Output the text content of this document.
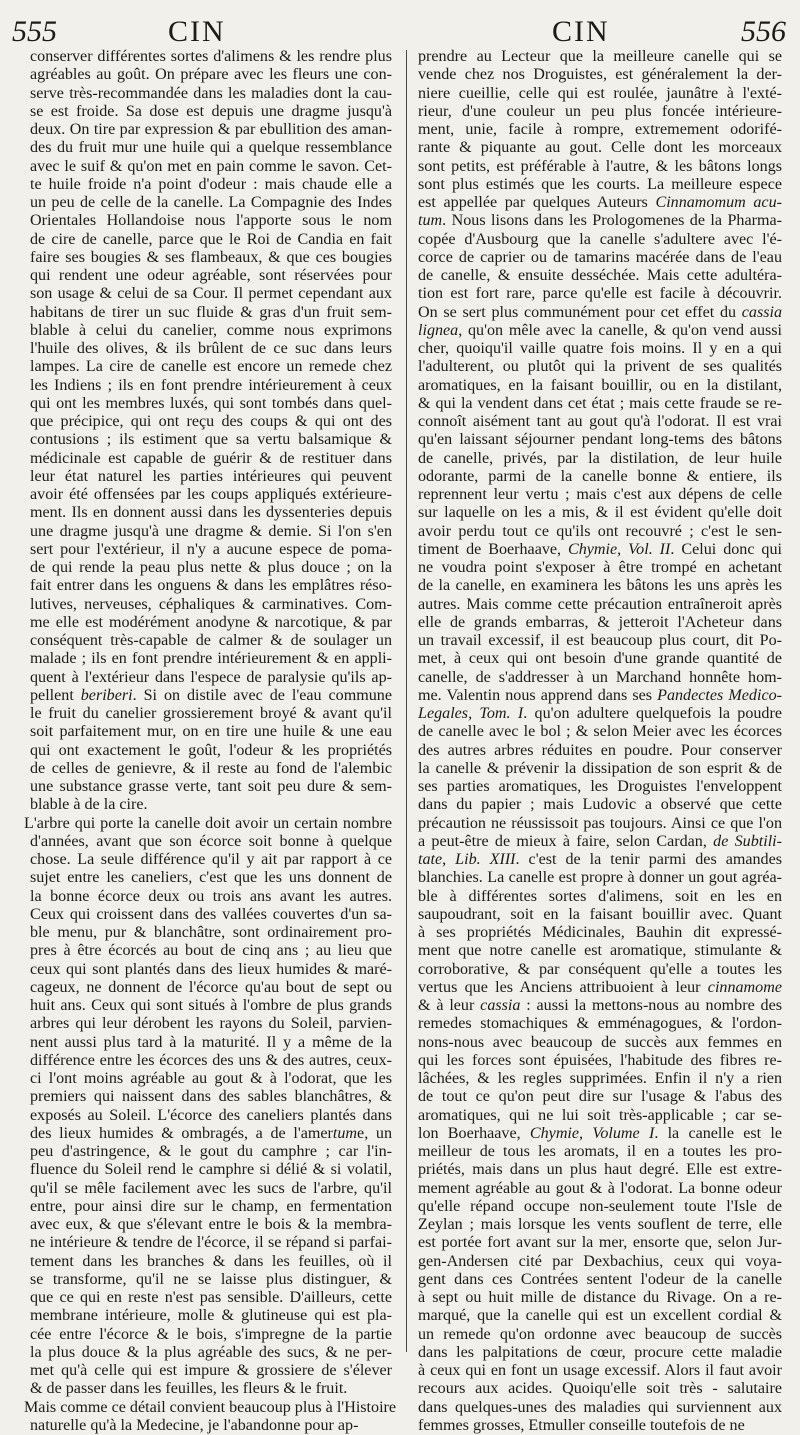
555	CIN	CIN	556
conserver différentes sortes d'alimens & les rendre plus
agréables au goût. On prépare avec les fleurs une con-
serve très-recommandée dans les maladies dont la cau-
se est froide. Sa dose est depuis une dragme jusqu'à
deux. On tire par expression & par ebullition des aman-
des du fruit mur une huile qui a quelque ressemblance
avec le suif & qu'on met en pain comme le savon. Cet-
te huile froide n'a point d'odeur : mais chaude elle a
un peu de celle de la canelle. La Compagnie des Indes
Orientales Hollandoise nous l'apporte sous le nom
de cire de canelle, parce que le Roi de Candia en fait
faire ses bougies & ses flambeaux, & que ces bougies
qui rendent une odeur agréable, sont réservées pour
son usage & celui de sa Cour. Il permet cependant aux
habitans de tirer un suc fluide & gras d'un fruit sem-
blable à celui du canelier, comme nous exprimons
l'huile des olives, & ils brûlent de ce suc dans leurs
lampes. La cire de canelle est encore un remede chez
les Indiens ; ils en font prendre intérieurement à ceux
qui ont les membres luxés, qui sont tombés dans quel-
que précipice, qui ont reçu des coups & qui ont des
contusions ; ils estiment que sa vertu balsamique &
médicinale est capable de guérir & de restituer dans
leur état naturel les parties intérieures qui peuvent
avoir été offensées par les coups appliqués extérieure-
ment. Ils en donnent aussi dans les dyssenteries depuis
une dragme jusqu'à une dragme & demie. Si l'on s'en
sert pour l'extérieur, il n'y a aucune espece de poma-
de qui rende la peau plus nette & plus douce ; on la
fait entrer dans les onguens & dans les emplâtres réso-
lutives, nerveuses, céphaliques & carminatives. Com-
me elle est modérément anodyne & narcotique, & par
conséquent très-capable de calmer & de soulager un
malade ; ils en font prendre intérieurement & en appli-
quent à l'extérieur dans l'espece de paralysie qu'ils ap-
pellent beriberi. Si on distile avec de l'eau commune
le fruit du canelier grossierement broyé & avant qu'il
soit parfaitement mur, on en tire une huile & une eau
qui ont exactement le goût, l'odeur & les propriétés
de celles de genievre, & il reste au fond de l'alembic
une substance grasse verte, tant soit peu dure & sem-
blable à de la cire.
L'arbre qui porte la canelle doit avoir un certain nombre
d'années, avant que son écorce soit bonne à quelque
chose. La seule différence qu'il y ait par rapport à ce
sujet entre les caneliers, c'est que les uns donnent de
la bonne écorce deux ou trois ans avant les autres.
Ceux qui croissent dans des vallées couvertes d'un sa-
ble menu, pur & blanchâtre, sont ordinairement pro-
pres à être écorcés au bout de cinq ans ; au lieu que
ceux qui sont plantés dans des lieux humides & maré-
cageux, ne donnent de l'écorce qu'au bout de sept ou
huit ans. Ceux qui sont situés à l'ombre de plus grands
arbres qui leur dérobent les rayons du Soleil, parvien-
nent aussi plus tard à la maturité. Il y a même de la
différence entre les écorces des uns & des autres, ceux-
ci l'ont moins agréable au gout & à l'odorat, que les
premiers qui naissent dans des sables blanchâtres, &
exposés au Soleil. L'écorce des caneliers plantés dans
des lieux humides & ombragés, a de l'amertume, un
peu d'astringence, & le gout du camphre ; car l'in-
fluence du Soleil rend le camphre si délié & si volatil,
qu'il se mêle facilement avec les sucs de l'arbre, qu'il
entre, pour ainsi dire sur le champ, en fermentation
avec eux, & que s'élevant entre le bois & la membra-
ne intérieure & tendre de l'écorce, il se répand si parfai-
tement dans les branches & dans les feuilles, où il
se transforme, qu'il ne se laisse plus distinguer, &
que ce qui en reste n'est pas sensible. D'ailleurs, cette
membrane intérieure, molle & glutineuse qui est pla-
cée entre l'écorce & le bois, s'impregne de la partie
la plus douce & la plus agréable des sucs, & ne per-
met qu'à celle qui est impure & grossiere de s'élever
& de passer dans les feuilles, les fleurs & le fruit.
Mais comme ce détail convient beaucoup plus à l'Histoire
naturelle qu'à la Medecine, je l'abandonne pour ap-
prendre au Lecteur que la meilleure canelle qui se
vende chez nos Droguistes, est généralement la der-
niere cueillie, celle qui est roulée, jaunâtre à l'exté-
rieur, d'une couleur un peu plus foncée intérieure-
ment, unie, facile à rompre, extremement odorifé-
rante & piquante au gout. Celle dont les morceaux
sont petits, est préférable à l'autre, & les bâtons longs
sont plus estimés que les courts. La meilleure espece
est appellée par quelques Auteurs Cinnamomum acu-
tum. Nous lisons dans les Prologomenes de la Pharma-
copée d'Ausbourg que la canelle s'adultere avec l'é-
corce de caprier ou de tamarins macérée dans de l'eau
de canelle, & ensuite desséchée. Mais cette adultéra-
tion est fort rare, parce qu'elle est facile à découvrir.
On se sert plus communément pour cet effet du cassia
lignea, qu'on mêle avec la canelle, & qu'on vend aussi
cher, quoiqu'il vaille quatre fois moins. Il y en a qui
l'adulterent, ou plutôt qui la privent de ses qualités
aromatiques, en la faisant bouillir, ou en la distilant,
& qui la vendent dans cet état ; mais cette fraude se re-
connoît aisément tant au gout qu'à l'odorat. Il est vrai
qu'en laissant séjourner pendant long-tems des bâtons
de canelle, privés, par la distilation, de leur huile
odorante, parmi de la canelle bonne & entiere, ils
reprennent leur vertu ; mais c'est aux dépens de celle
sur laquelle on les a mis, & il est évident qu'elle doit
avoir perdu tout ce qu'ils ont recouvré ; c'est le sen-
timent de Boerhaave, Chymie, Vol. II. Celui donc qui
ne voudra point s'exposer à être trompé en achetant
de la canelle, en examinera les bâtons les uns après les
autres. Mais comme cette précaution entraîneroit après
elle de grands embarras, & jetteroit l'Acheteur dans
un travail excessif, il est beaucoup plus court, dit Po-
met, à ceux qui ont besoin d'une grande quantité de
canelle, de s'addresser à un Marchand honnête hom-
me. Valentin nous apprend dans ses Pandectes Medico-
Legales, Tom. I. qu'on adultere quelquefois la poudre
de canelle avec le bol ; & selon Meier avec les écorces
des autres arbres réduites en poudre. Pour conserver
la canelle & prévenir la dissipation de son esprit & de
ses parties aromatiques, les Droguistes l'enveloppent
dans du papier ; mais Ludovic a observé que cette
précaution ne réussissoit pas toujours. Ainsi ce que l'on
a peut-être de mieux à faire, selon Cardan, de Subtili-
tate, Lib. XIII. c'est de la tenir parmi des amandes
blanchies. La canelle est propre à donner un gout agréa-
ble à différentes sortes d'alimens, soit en les en
saupoudrant, soit en la faisant bouillir avec. Quant
à ses propriétés Médicinales, Bauhin dit expressé-
ment que notre canelle est aromatique, stimulante &
corroborative, & par conséquent qu'elle a toutes les
vertus que les Anciens attribuoient à leur cinnamome
& à leur cassia : aussi la mettons-nous au nombre des
remedes stomachiques & emménagogues, & l'ordon-
nons-nous avec beaucoup de succès aux femmes en
qui les forces sont épuisées, l'habitude des fibres re-
lâchées, & les regles supprimées. Enfin il n'y a rien
de tout ce qu'on peut dire sur l'usage & l'abus des
aromatiques, qui ne lui soit très-applicable ; car se-
lon Boerhaave, Chymie, Volume I. la canelle est le
meilleur de tous les aromats, il en a toutes les pro-
priétés, mais dans un plus haut degré. Elle est extre-
mement agréable au gout & à l'odorat. La bonne odeur
qu'elle répand occupe non-seulement toute l'Isle de
Zeylan ; mais lorsque les vents souflent de terre, elle
est portée fort avant sur la mer, ensorte que, selon Jur-
gen-Andersen cité par Dexbachius, ceux qui voya-
gent dans ces Contrées sentent l'odeur de la canelle
à sept ou huit mille de distance du Rivage. On a re-
marqué, que la canelle qui est un excellent cordial &
un remede qu'on ordonne avec beaucoup de succès
dans les palpitations de cœur, procure cette maladie
à ceux qui en font un usage excessif. Alors il faut avoir
recours aux acides. Quoiqu'elle soit très - salutaire
dans quelques-unes des maladies qui surviennent aux
femmes grosses, Etmuller conseille toutefois de ne
